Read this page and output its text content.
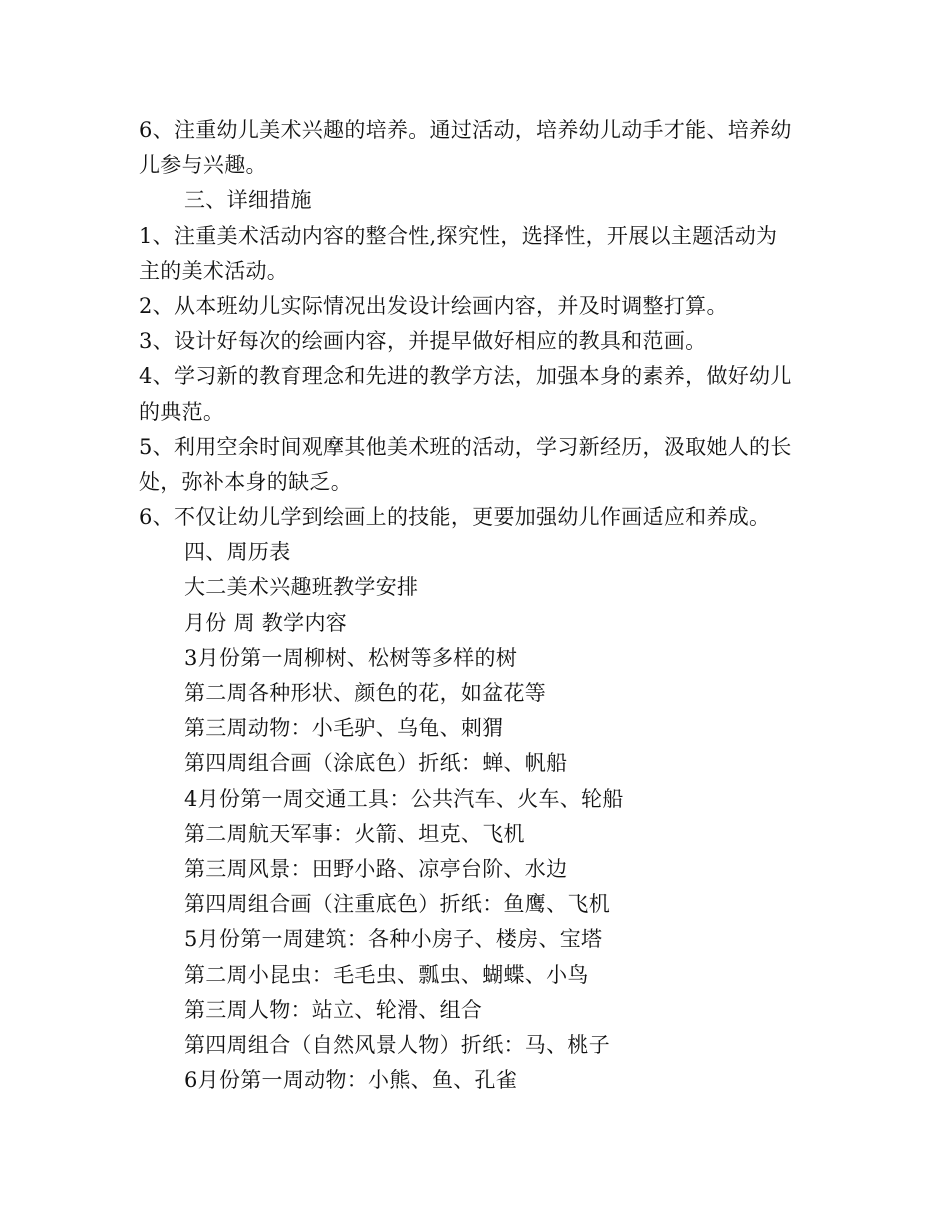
6、注重幼儿美术兴趣的培养。通过活动，培养幼儿动手才能、培养幼
儿参与兴趣。
三、详细措施
1、注重美术活动内容的整合性,探究性，选择性，开展以主题活动为
主的美术活动。
2、从本班幼儿实际情况出发设计绘画内容，并及时调整打算。
3、设计好每次的绘画内容，并提早做好相应的教具和范画。
4、学习新的教育理念和先进的教学方法，加强本身的素养，做好幼儿
的典范。
5、利用空余时间观摩其他美术班的活动，学习新经历，汲取她人的长
处，弥补本身的缺乏。
6、不仅让幼儿学到绘画上的技能，更要加强幼儿作画适应和养成。
四、周历表
大二美术兴趣班教学安排
月份 周 教学内容
3月份第一周柳树、松树等多样的树
第二周各种形状、颜色的花，如盆花等
第三周动物：小毛驴、乌龟、刺猬
第四周组合画（涂底色）折纸：蝉、帆船
4月份第一周交通工具：公共汽车、火车、轮船
第二周航天军事：火箭、坦克、飞机
第三周风景：田野小路、凉亭台阶、水边
第四周组合画（注重底色）折纸：鱼鹰、飞机
5月份第一周建筑：各种小房子、楼房、宝塔
第二周小昆虫：毛毛虫、瓢虫、蝴蝶、小鸟
第三周人物：站立、轮滑、组合
第四周组合（自然风景人物）折纸：马、桃子
6月份第一周动物：小熊、鱼、孔雀
